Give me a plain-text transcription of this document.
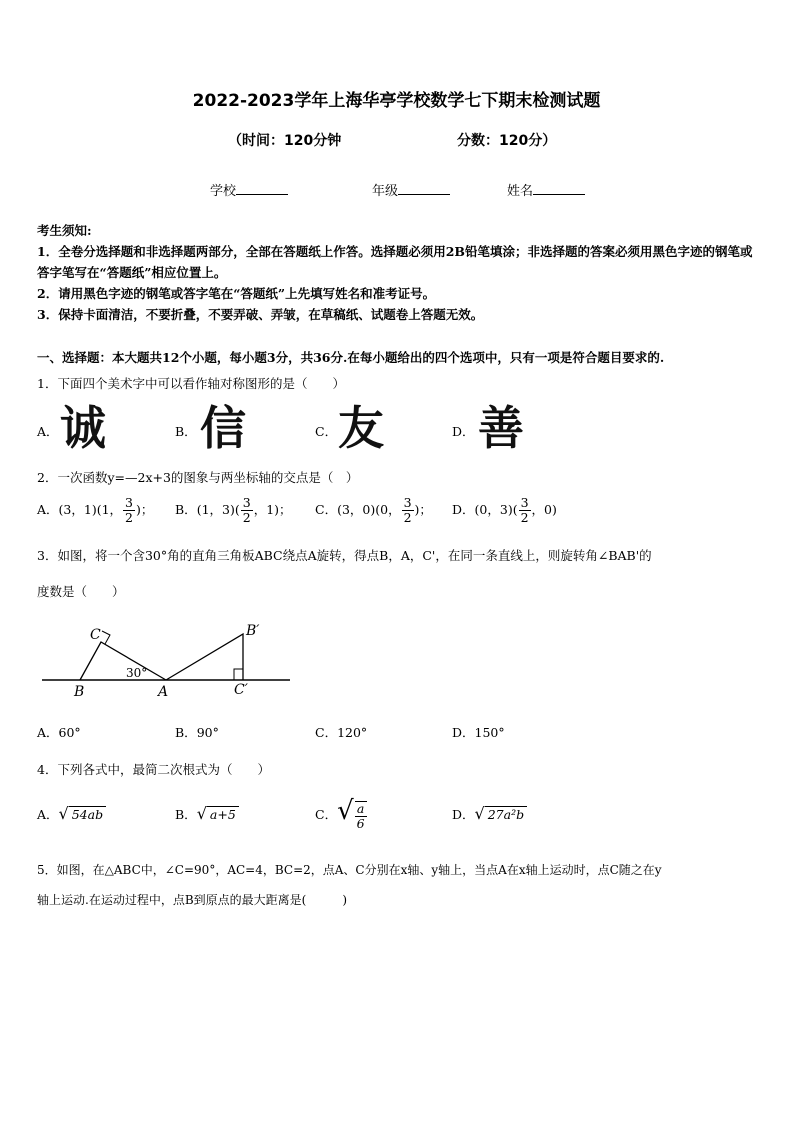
2022-2023学年上海华亭学校数学七下期末检测试题
（时间：120分钟	分数：120分）
学校	年级	姓名
考生须知:
1．全卷分选择题和非选择题两部分，全部在答题纸上作答。选择题必须用2B铅笔填涂；非选择题的答案必须用黑色字迹的钢笔或答字笔写在“答题纸”相应位置上。
2．请用黑色字迹的钢笔或答字笔在“答题纸”上先填写姓名和准考证号。
3．保持卡面清洁，不要折叠，不要弄破、弄皱，在草稿纸、试题卷上答题无效。
一、选择题：本大题共12个小题，每小题3分，共36分.在每小题给出的四个选项中，只有一项是符合题目要求的.
1．下面四个美术字中可以看作轴对称图形的是（　　）
A． 诚	B． 信	C． 友	D． 善
2．一次函数y=—2x+3的图象与两坐标轴的交点是（　）
A．(3，1)(1， $\frac{3}{2}$ )； B．(1，$3)( \frac{3}{2}$ ，1)； C．(3，0)(0， $\frac{3}{2}$ )； D．(0，$3)( \frac{3}{2}$ ，0)
3．如图，将一个含30°角的直角三角板ABC绕点A旋转，得点B，A，C'，在同一条直线上，则旋转角∠BAB'的
度数是（　　）
C
B	A
B′
C′
30°
A．60°	B．90°	C．120°	D．150°
4．下列各式中，最简二次根式为（　　）
A．√ 54ab	B．√ a+5	C．√ $\frac{a}{6}$	D．√ 27a²b
5．如图，在△ABC中，∠C=90°，AC=4，BC=2，点A、C分别在x轴、y轴上，当点A在x轴上运动时，点C随之在y
轴上运动.在运动过程中，点B到原点的最大距离是(　　　)
